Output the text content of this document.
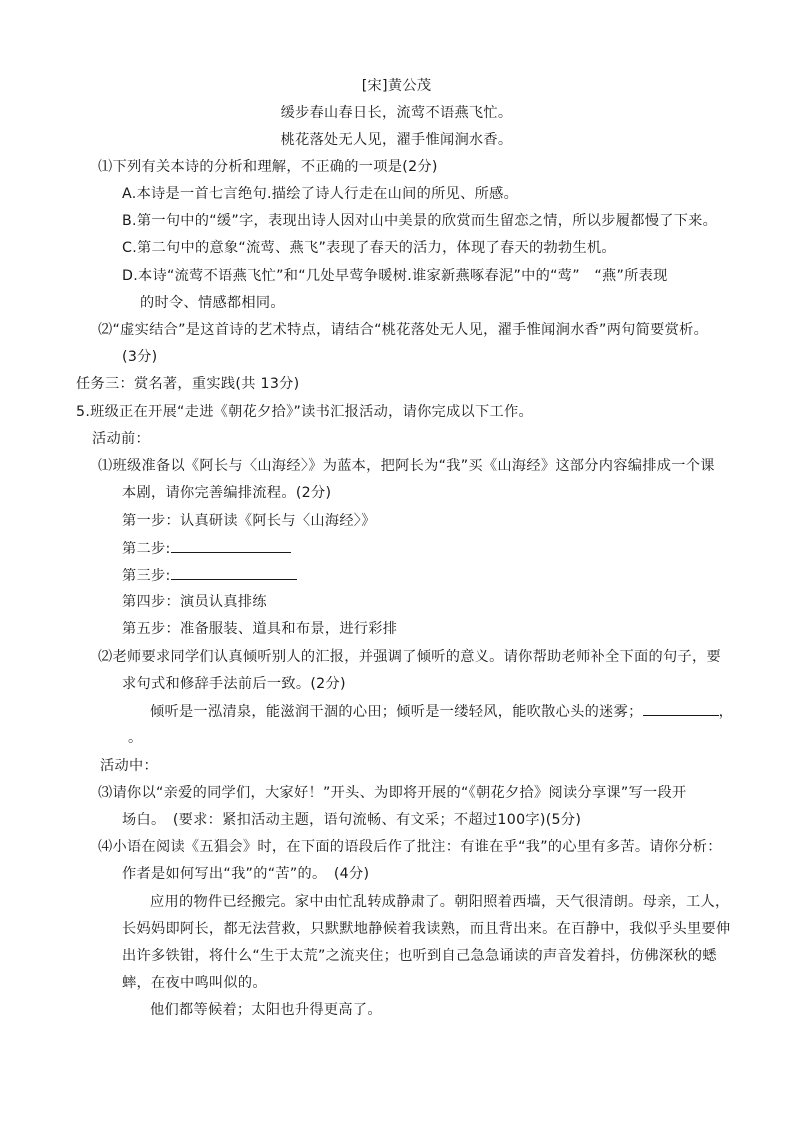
[宋]黄公茂
缓步春山春日长，流莺不语燕飞忙。
桃花落处无人见，濯手惟闻涧水香。
⑴下列有关本诗的分析和理解，不正确的一项是(2分)
A.本诗是一首七言绝句.描绘了诗人行走在山间的所见、所感。
B.第一句中的“缓”字，表现出诗人因对山中美景的欣赏而生留恋之情，所以步履都慢了下来。
C.第二句中的意象“流莺、燕飞”表现了春天的活力，体现了春天的勃勃生机。
D.本诗“流莺不语燕飞忙”和“几处早莺争暖树.谁家新燕啄春泥”中的“莺”　“燕”所表现
的时令、情感都相同。
⑵“虚实结合”是这首诗的艺术特点，请结合“桃花落处无人见，濯手惟闻涧水香”两句简要赏析。
(3分)
任务三：赏名著，重实践(共 13分)
5.班级正在开展“走进《朝花夕拾》”读书汇报活动，请你完成以下工作。
活动前：
⑴班级准备以《阿长与〈山海经〉》为蓝本，把阿长为“我”买《山海经》这部分内容编排成一个课
本剧，请你完善编排流程。(2分)
第一步：认真研读《阿长与〈山海经〉》
第二步:
第三步:
第四步：演员认真排练
第五步：准备服装、道具和布景，进行彩排
⑵老师要求同学们认真倾听别人的汇报，并强调了倾听的意义。请你帮助老师补全下面的句子，要
求句式和修辞手法前后一致。(2分)
倾听是一泓清泉，能滋润干涸的心田；倾听是一缕轻风，能吹散心头的迷雾；	，
。
活动中：
⑶请你以“亲爱的同学们，大家好！”开头、为即将开展的“《朝花夕拾》阅读分享课”写一段开
场白。　(要求：紧扣活动主题，语句流畅、有文采；不超过100字)(5分)
⑷小语在阅读《五猖会》时，在下面的语段后作了批注：有谁在乎“我”的心里有多苦。请你分析：
作者是如何写出“我”的“苦”的。　(4分)
应用的物件已经搬完。家中由忙乱转成静肃了。朝阳照着西墙，天气很清朗。母亲，工人，
长妈妈即阿长，都无法营救，只默默地静候着我读熟，而且背出来。在百静中，我似乎头里要伸
出许多铁钳，将什么“生于太荒”之流夹住；也听到自己急急诵读的声音发着抖，仿佛深秋的蟋
蟀，在夜中鸣叫似的。
他们都等候着；太阳也升得更高了。
